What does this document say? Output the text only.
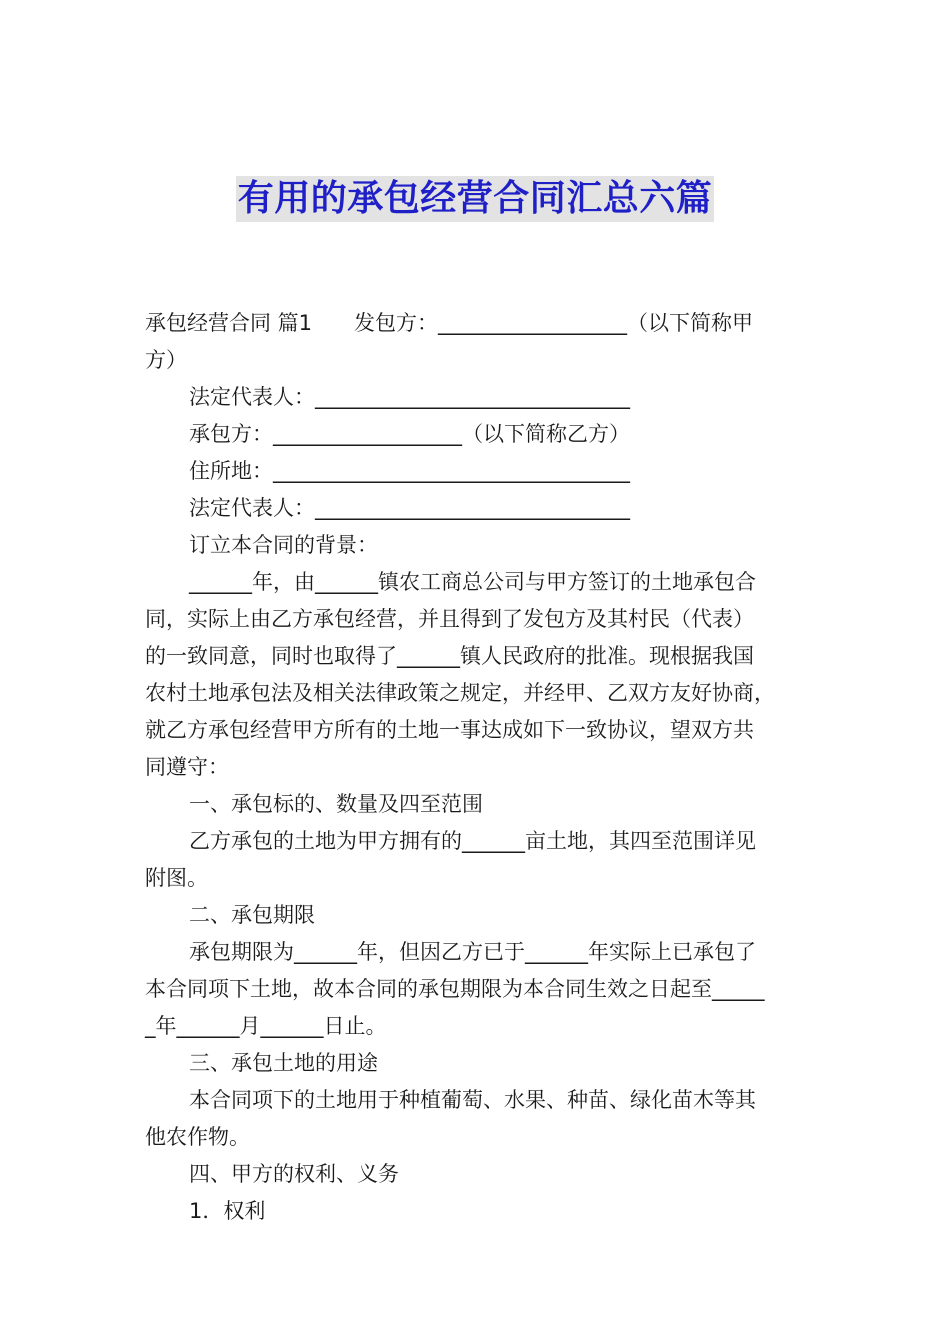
有用的承包经营合同汇总六篇

承包经营合同 篇1　　发包方：__________________（以下简称甲

方）

法定代表人：______________________________

承包方：__________________（以下简称乙方）

住所地：__________________________________

法定代表人：______________________________

订立本合同的背景：

______年，由______镇农工商总公司与甲方签订的土地承包合

同，实际上由乙方承包经营，并且得到了发包方及其村民（代表）

的一致同意，同时也取得了______镇人民政府的批准。现根据我国

农村土地承包法及相关法律政策之规定，并经甲、乙双方友好协商，

就乙方承包经营甲方所有的土地一事达成如下一致协议，望双方共

同遵守：

一、承包标的、数量及四至范围

乙方承包的土地为甲方拥有的______亩土地，其四至范围详见

附图。

二、承包期限

承包期限为______年，但因乙方已于______年实际上已承包了

本合同项下土地，故本合同的承包期限为本合同生效之日起至_____

_年______月______日止。

三、承包土地的用途

本合同项下的土地用于种植葡萄、水果、种苗、绿化苗木等其

他农作物。

四、甲方的权利、义务

1．权利
